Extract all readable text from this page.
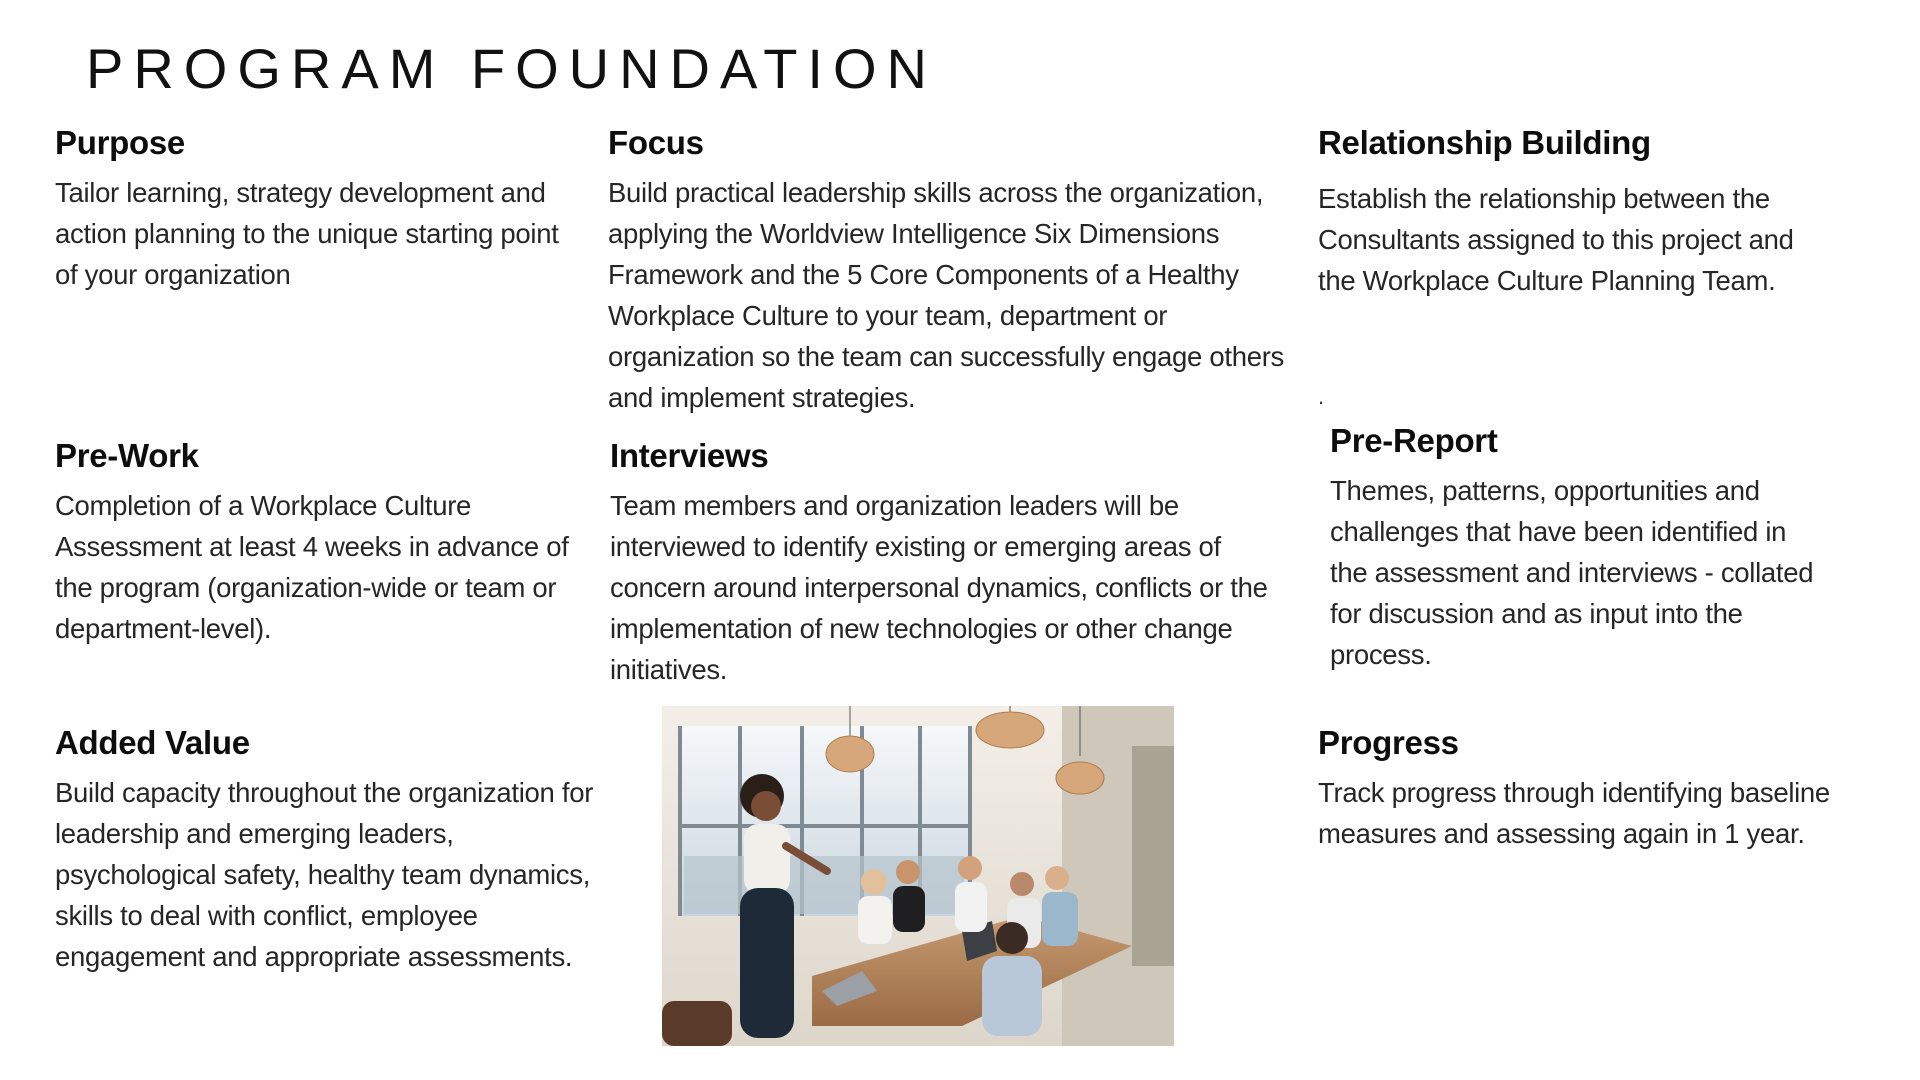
PROGRAM FOUNDATION
Purpose

Tailor learning, strategy development and action planning to the unique starting point of your organization

Focus

Build practical leadership skills across the organization, applying the Worldview Intelligence Six Dimensions Framework and the 5 Core Components of a Healthy Workplace Culture to your team, department or organization so the team can successfully engage others and implement strategies.

Relationship Building

Establish the relationship between the Consultants assigned to this project and the Workplace Culture Planning Team.

.
Pre-Work

Completion of a Workplace Culture Assessment at least 4 weeks in advance of the program (organization-wide or team or department-level).

Interviews

Team members and organization leaders will be interviewed to identify existing or emerging areas of concern around interpersonal dynamics, conflicts or the implementation of new technologies or other change initiatives.

Pre-Report

Themes, patterns, opportunities and challenges that have been identified in the assessment and interviews - collated for discussion and as input into the process.

Added Value

Build capacity throughout the organization for leadership and emerging leaders, psychological safety, healthy team dynamics, skills to deal with conflict, employee engagement and appropriate assessments.

Progress

Track progress through identifying baseline measures and assessing again in 1 year.
